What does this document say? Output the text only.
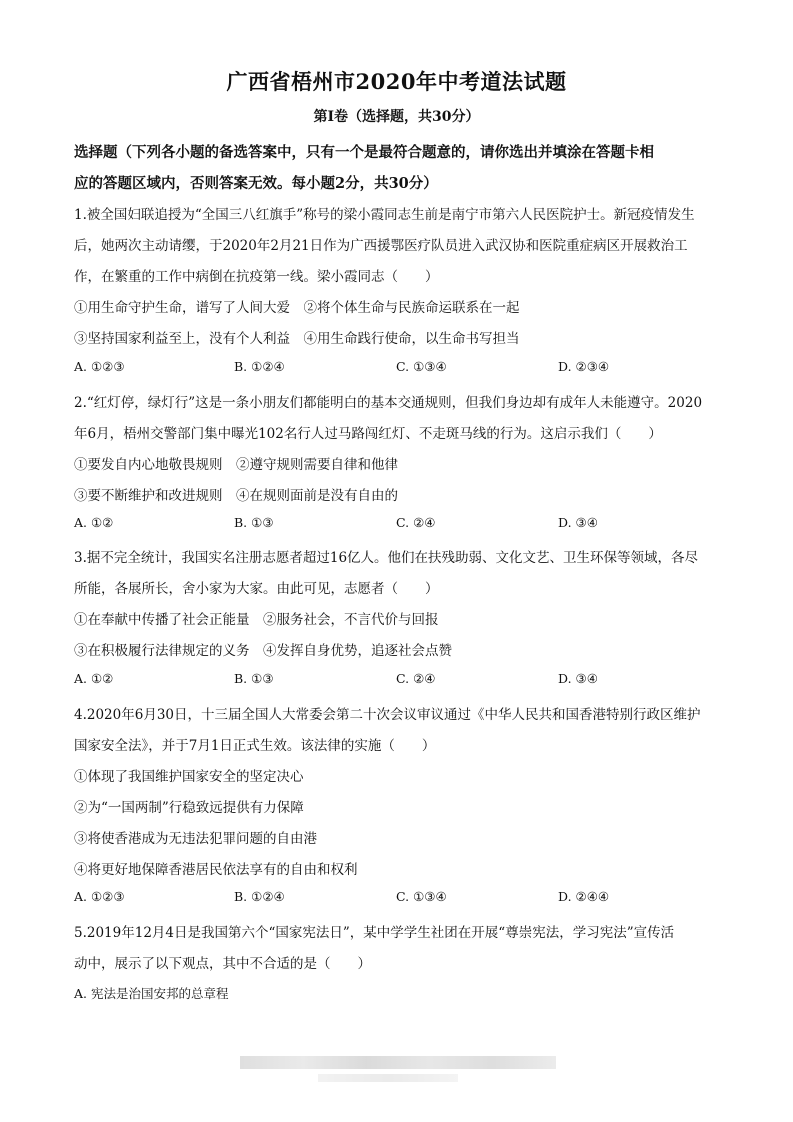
广西省梧州市2020年中考道法试题
第Ⅰ卷（选择题，共30分）
选择题（下列各小题的备选答案中，只有一个是最符合题意的，请你选出并填涂在答题卡相
应的答题区域内，否则答案无效。每小题2分，共30分）
1.被全国妇联追授为“全国三八红旗手”称号的梁小霞同志生前是南宁市第六人民医院护士。新冠疫情发生
后，她两次主动请缨，于2020年2月21日作为广西援鄂医疗队员进入武汉协和医院重症病区开展救治工
作，在繁重的工作中病倒在抗疫第一线。梁小霞同志（　　）
①用生命守护生命，谱写了人间大爱　②将个体生命与民族命运联系在一起
③坚持国家利益至上，没有个人利益　④用生命践行使命，以生命书写担当
A. ①②③	B. ①②④	C. ①③④	D. ②③④
2.“红灯停，绿灯行”这是一条小朋友们都能明白的基本交通规则，但我们身边却有成年人未能遵守。2020
年6月，梧州交警部门集中曝光102名行人过马路闯红灯、不走斑马线的行为。这启示我们（　　）
①要发自内心地敬畏规则　②遵守规则需要自律和他律
③要不断维护和改进规则　④在规则面前是没有自由的
A. ①②	B. ①③	C. ②④	D. ③④
3.据不完全统计，我国实名注册志愿者超过16亿人。他们在扶残助弱、文化文艺、卫生环保等领域，各尽
所能，各展所长，舍小家为大家。由此可见，志愿者（　　）
①在奉献中传播了社会正能量　②服务社会，不言代价与回报
③在积极履行法律规定的义务　④发挥自身优势，追逐社会点赞
A. ①②	B. ①③	C. ②④	D. ③④
4.2020年6月30日，十三届全国人大常委会第二十次会议审议通过《中华人民共和国香港特别行政区维护
国家安全法》，并于7月1日正式生效。该法律的实施（　　）
①体现了我国维护国家安全的坚定决心
②为“一国两制”行稳致远提供有力保障
③将使香港成为无违法犯罪问题的自由港
④将更好地保障香港居民依法享有的自由和权利
A. ①②③	B. ①②④	C. ①③④	D. ②④④
5.2019年12月4日是我国第六个“国家宪法日”，某中学学生社团在开展“尊崇宪法，学习宪法”宣传活
动中，展示了以下观点，其中不合适的是（　　）
A. 宪法是治国安邦的总章程
